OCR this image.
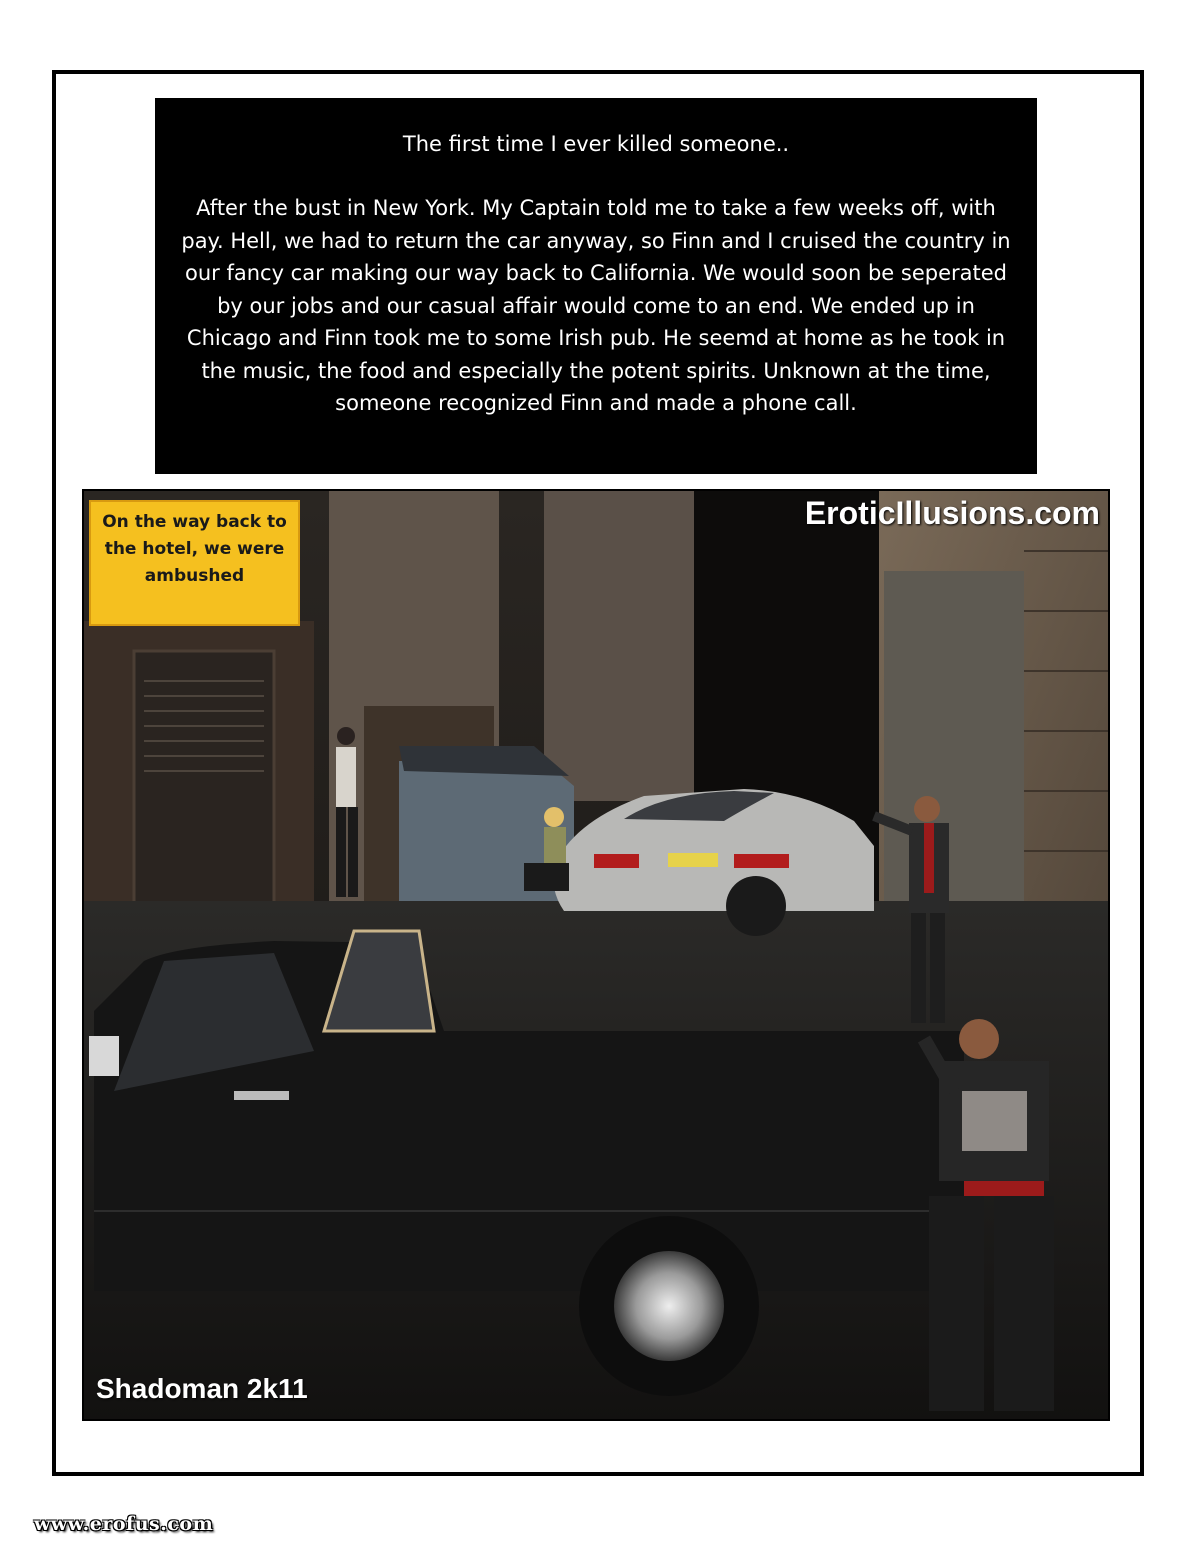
The first time I ever killed someone..

After the bust in New York. My Captain told me to take a few weeks off, with pay. Hell, we had to return the car anyway, so Finn and I cruised the country in our fancy car making our way back to California. We would soon be seperated by our jobs and our casual affair would come to an end. We ended up in Chicago and Finn took me to some Irish pub. He seemd at home as he took in the music, the food and especially the potent spirits. Unknown at the time, someone recognized Finn and made a phone call.

On the way back to the hotel, we were ambushed
EroticIllusions.com
Shadoman 2k11
www.erofus.com
